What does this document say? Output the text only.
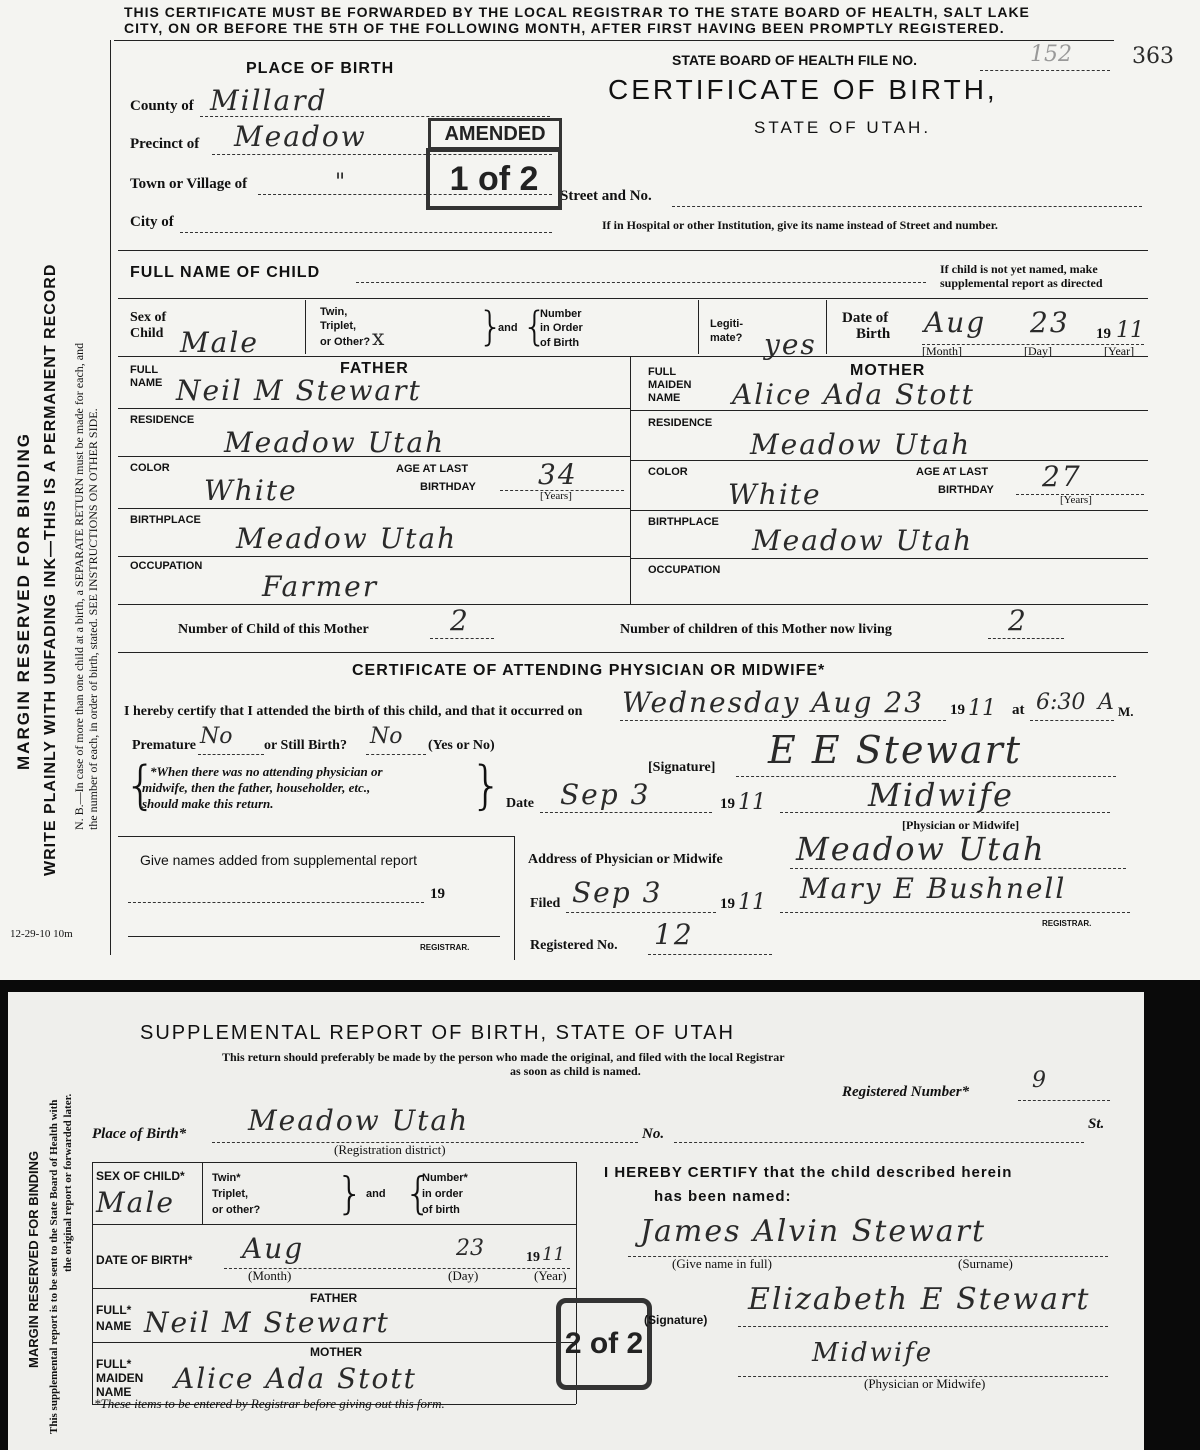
MARGIN RESERVED FOR BINDING WRITE PLAINLY WITH UNFADING INK—THIS IS A PERMANENT RECORD N. B.—In case of more than one child at a birth, a SEPARATE RETURN must be made for each, and the number of each, in order of birth, stated. SEE INSTRUCTIONS ON OTHER SIDE.
12-29-10 10m
THIS CERTIFICATE MUST BE FORWARDED BY THE LOCAL REGISTRAR TO THE STATE BOARD OF HEALTH, SALT LAKE
CITY, ON OR BEFORE THE 5TH OF THE FOLLOWING MONTH, AFTER FIRST HAVING BEEN PROMPTLY REGISTERED.
STATE BOARD OF HEALTH FILE NO.	152	363
CERTIFICATE OF BIRTH,
STATE OF UTAH.
PLACE OF BIRTH
County of Millard
Precinct of Meadow
Town or Village of	"
City of
Street and No.
If in Hospital or other Institution, give its name instead of Street and number.
AMENDED
1 of 2
FULL NAME OF CHILD	If child is not yet named, make
supplemental report as directed
Sex of
Child Male
Twin,
Triplet,
or Other? x }
and {
Number
in Order
of Birth
Legiti-
mate? yes
Date of
Birth Aug 23 19 11
[Month]	[Day]	[Year]
FATHER
FULL
NAME Neil M Stewart
RESIDENCE
Meadow Utah
COLOR
White
AGE AT LAST
BIRTHDAY 34
[Years]
BIRTHPLACE
Meadow Utah
OCCUPATION
Farmer
MOTHER
FULL
MAIDEN
NAME Alice Ada Stott
RESIDENCE
Meadow Utah
COLOR
White
AGE AT LAST
BIRTHDAY 27
[Years]
BIRTHPLACE
Meadow Utah
OCCUPATION
Number of Child of this Mother	2	Number of children of this Mother now living	2
CERTIFICATE OF ATTENDING PHYSICIAN OR MIDWIFE*
I hereby certify that I attended the birth of this child, and that it occurred on Wednesday Aug 23 19 11 at 6:30 A M.
Premature No or Still Birth? No (Yes or No)
{
*When there was no attending physician or
midwife, then the father, householder, etc.,
should make this return.	}	[Signature] E E Stewart
Date Sep 3	19 11	Midwife
[Physician or Midwife]
Give names added from supplemental report
19
REGISTRAR.
Address of Physician or Midwife Meadow Utah
Filed Sep 3	19 11 Mary E Bushnell
REGISTRAR.
Registered No. 12
MARGIN RESERVED FOR BINDING This supplemental report is to be sent to the State Board of Health with the original report or forwarded later.
SUPPLEMENTAL REPORT OF BIRTH, STATE OF UTAH
This return should preferably be made by the person who made the original, and filed with the local Registrar
as soon as child is named.
Registered Number*	9
Place of Birth* Meadow Utah	No.
St.
(Registration district)
SEX OF CHILD*
Male
Twin*
Triplet,
or other? } and {
Number*
in order
of birth
DATE OF BIRTH* Aug	23	19 11
(Month)	(Day)	(Year)
FATHER
FULL*
NAME Neil M Stewart
MOTHER
FULL*
MAIDEN
NAME Alice Ada Stott
*These items to be entered by Registrar before giving out this form.
2 of 2
I HEREBY CERTIFY that the child described herein
has been named:
James Alvin Stewart
(Give name in full)	(Surname)
(Signature)
Elizabeth E Stewart
Midwife
(Physician or Midwife)
